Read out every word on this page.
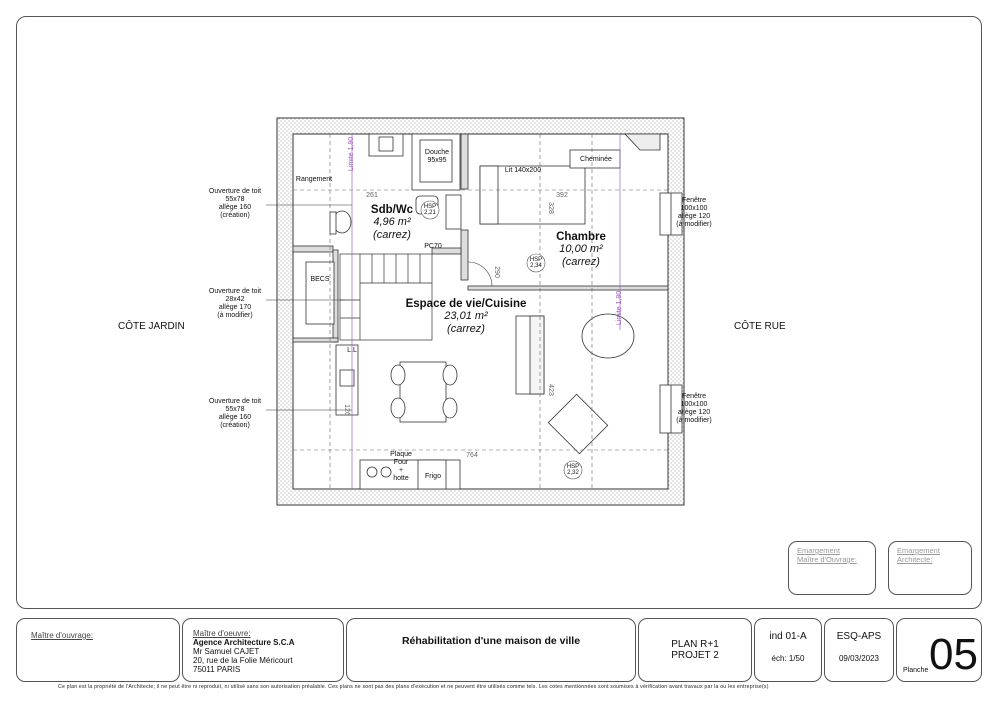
Douche
95x95
Lit 140x200
Cheminée
Rangement
BECS
PC70
L.L
Plaque
Four
+
hotte	Frigo
261	392
328
764
423
290
126
Limite 1,80
Limite 1,80
HSP
2,21
HSP
2,34
HSP
2,32
Sdb/Wc
4,96 m²
(carrez)	Chambre
10,00 m²
(carrez)
Espace de vie/Cuisine
23,01 m²
(carrez)
CÔTE JARDIN	CÔTE RUE
Ouverture de toit
55x78
allège 160
(création)
Ouverture de toit
28x42
allège 170
(à modifier)
Ouverture de toit
55x78
allège 160
(création)
Fenêtre
100x100
allège 120
(à modifier)
Fenêtre
100x100
allège 120
(à modifier)
Emargement
Maître d'Ouvrage:
Emargement
Architecte:
Maître d'ouvrage:	Maître d'oeuvre:
Agence Architecture S.C.A
Mr Samuel CAJET
20, rue de la Folie Méricourt
75011 PARIS
Réhabilitation d'une maison de ville	PLAN R+1
PROJET 2
ind 01-A
éch: 1/50
ESQ-APS
09/03/2023
Planche 05
Ce plan est la propriété de l'Architecte; il ne peut être ni reproduit, ni utilisé sans son autorisation préalable. Ces plans ne sont pas des plans d'exécution et ne peuvent être utilisés comme tels. Les cotes mentionnées sont soumises à vérification avant travaux par la ou les entreprise(s)
